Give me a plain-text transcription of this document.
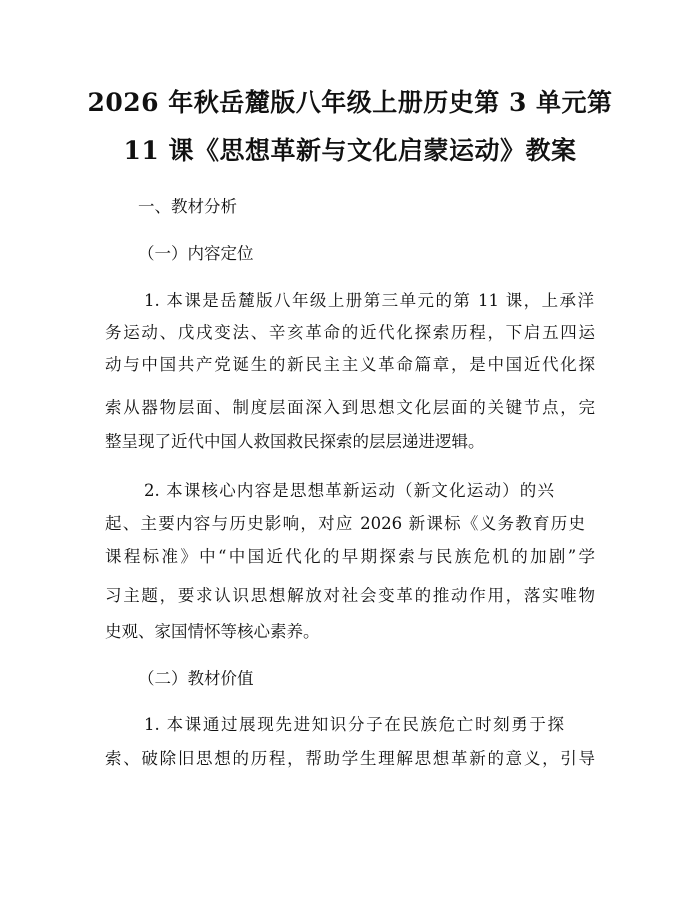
2026 年秋岳麓版八年级上册历史第 3 单元第
11 课《思想革新与文化启蒙运动》教案

一、教材分析

（一）内容定位

1. 本课是岳麓版八年级上册第三单元的第 11 课，上承洋

务运动、戊戌变法、辛亥革命的近代化探索历程，下启五四运

动与中国共产党诞生的新民主主义革命篇章，是中国近代化探

索从器物层面、制度层面深入到思想文化层面的关键节点，完

整呈现了近代中国人救国救民探索的层层递进逻辑。

2. 本课核心内容是思想革新运动（新文化运动）的兴

起、主要内容与历史影响，对应 2026 新课标《义务教育历史

课程标准》中“中国近代化的早期探索与民族危机的加剧”学

习主题，要求认识思想解放对社会变革的推动作用，落实唯物

史观、家国情怀等核心素养。

（二）教材价值

1. 本课通过展现先进知识分子在民族危亡时刻勇于探

索、破除旧思想的历程，帮助学生理解思想革新的意义，引导
